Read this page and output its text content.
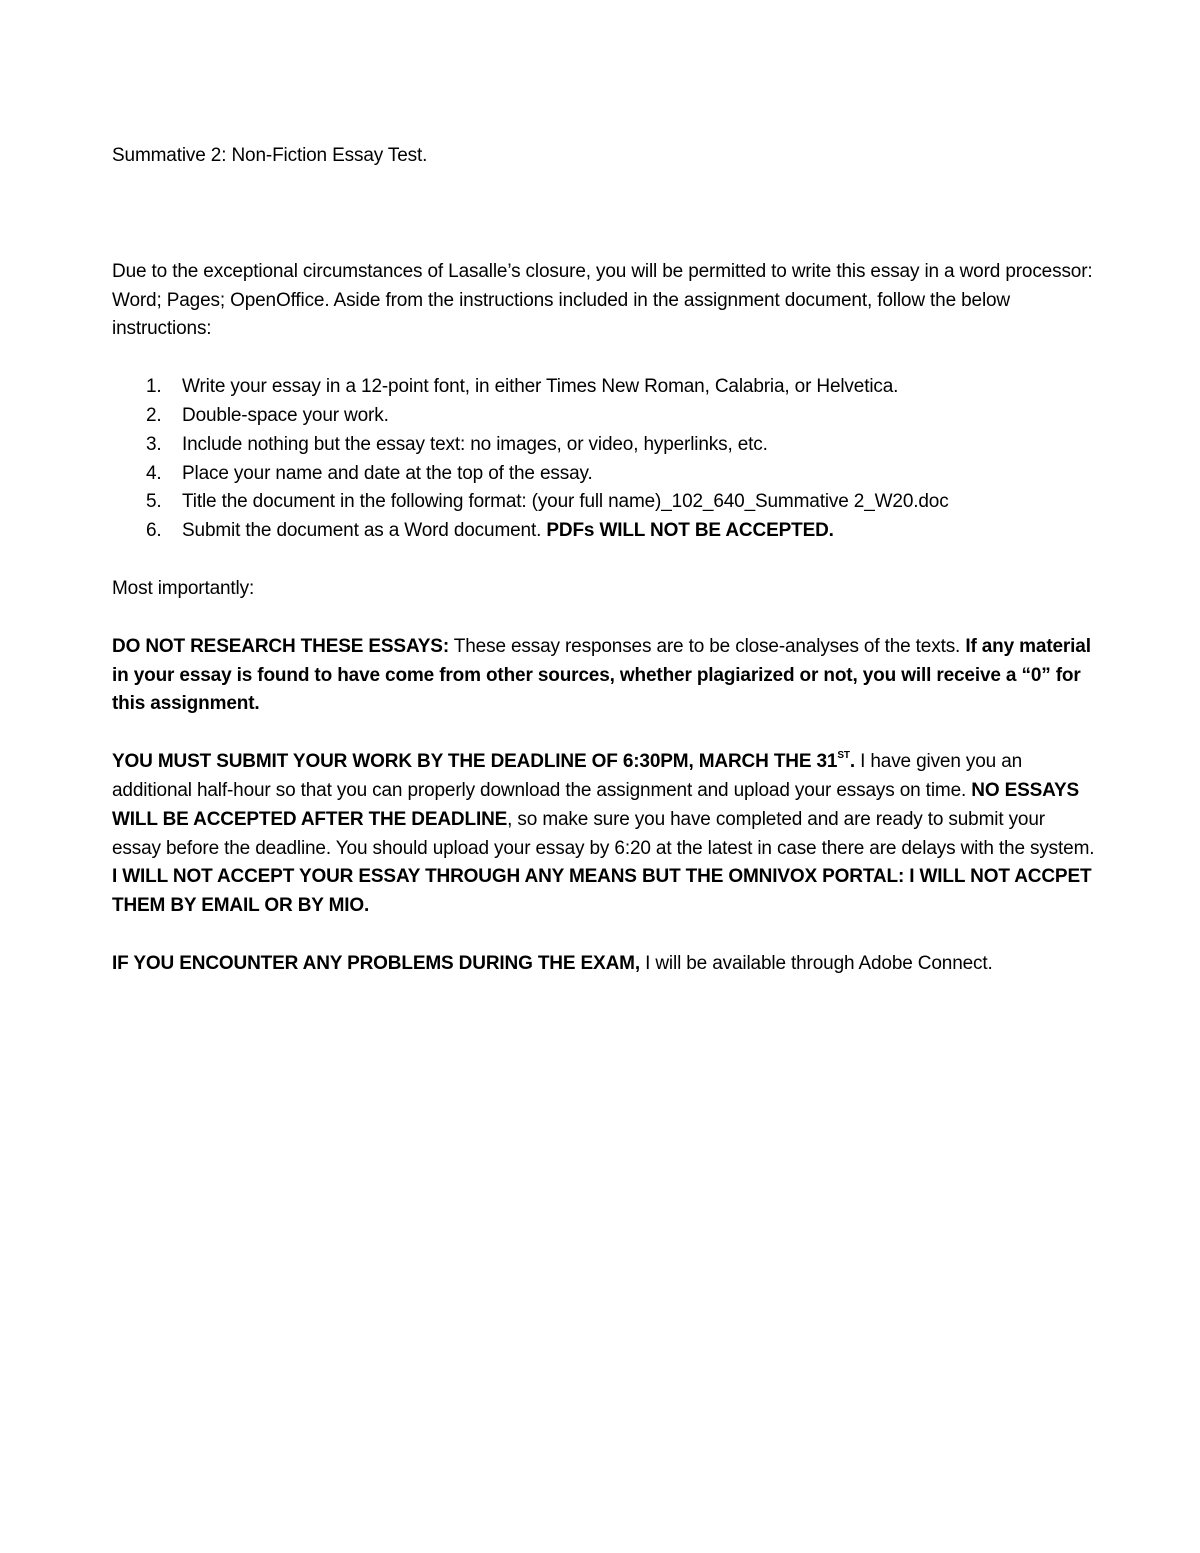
Summative 2: Non-Fiction Essay Test.

Due to the exceptional circumstances of Lasalle’s closure, you will be permitted to write this essay in a word processor: Word; Pages; OpenOffice. Aside from the instructions included in the assignment document, follow the below instructions:

1.	Write your essay in a 12-point font, in either Times New Roman, Calabria, or Helvetica.
2.	Double-space your work.
3.	Include nothing but the essay text: no images, or video, hyperlinks, etc.
4.	Place your name and date at the top of the essay.
5.	Title the document in the following format: (your full name)_102_640_Summative 2_W20.doc
6.	Submit the document as a Word document. PDFs WILL NOT BE ACCEPTED.

Most importantly:

DO NOT RESEARCH THESE ESSAYS: These essay responses are to be close-analyses of the texts. If any material in your essay is found to have come from other sources, whether plagiarized or not, you will receive a “0” for this assignment.

YOU MUST SUBMIT YOUR WORK BY THE DEADLINE OF 6:30PM, MARCH THE 31ST. I have given you an additional half-hour so that you can properly download the assignment and upload your essays on time. NO ESSAYS WILL BE ACCEPTED AFTER THE DEADLINE, so make sure you have completed and are ready to submit your essay before the deadline. You should upload your essay by 6:20 at the latest in case there are delays with the system. I WILL NOT ACCEPT YOUR ESSAY THROUGH ANY MEANS BUT THE OMNIVOX PORTAL: I WILL NOT ACCPET THEM BY EMAIL OR BY MIO.

IF YOU ENCOUNTER ANY PROBLEMS DURING THE EXAM, I will be available through Adobe Connect.
